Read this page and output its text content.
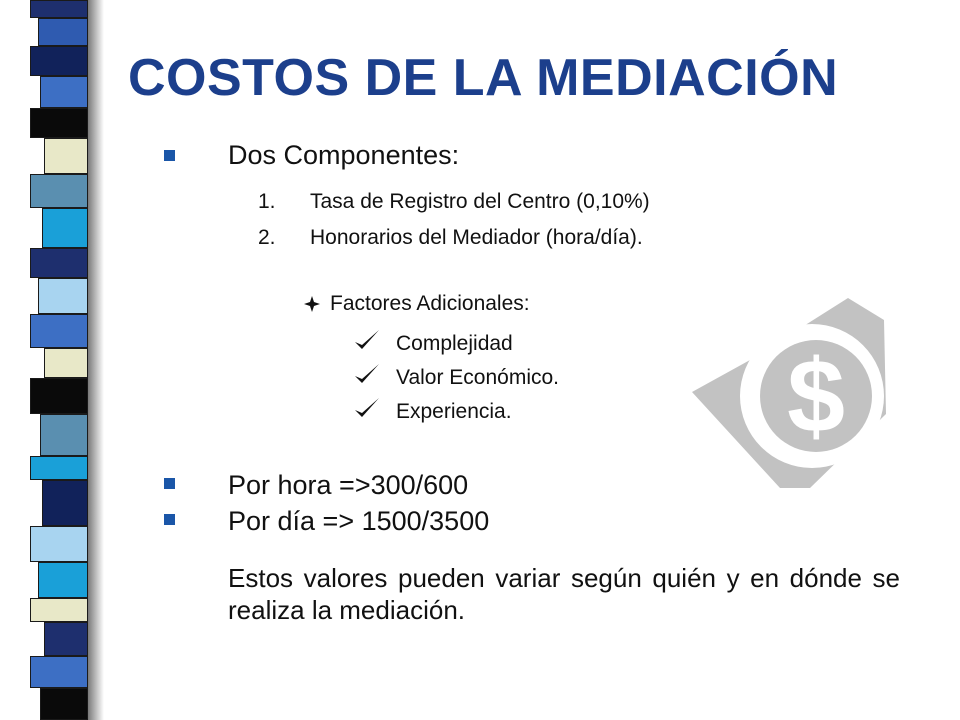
COSTOS DE LA MEDIACIÓN
Dos Componentes:
1. Tasa de Registro del Centro (0,10%)
2. Honorarios del Mediador (hora/día).
Factores Adicionales:
Complejidad
Valor Económico.
Experiencia.
Por hora =>300/600
Por día => 1500/3500
Estos valores pueden variar según quién y en dónde se realiza la mediación.
$
